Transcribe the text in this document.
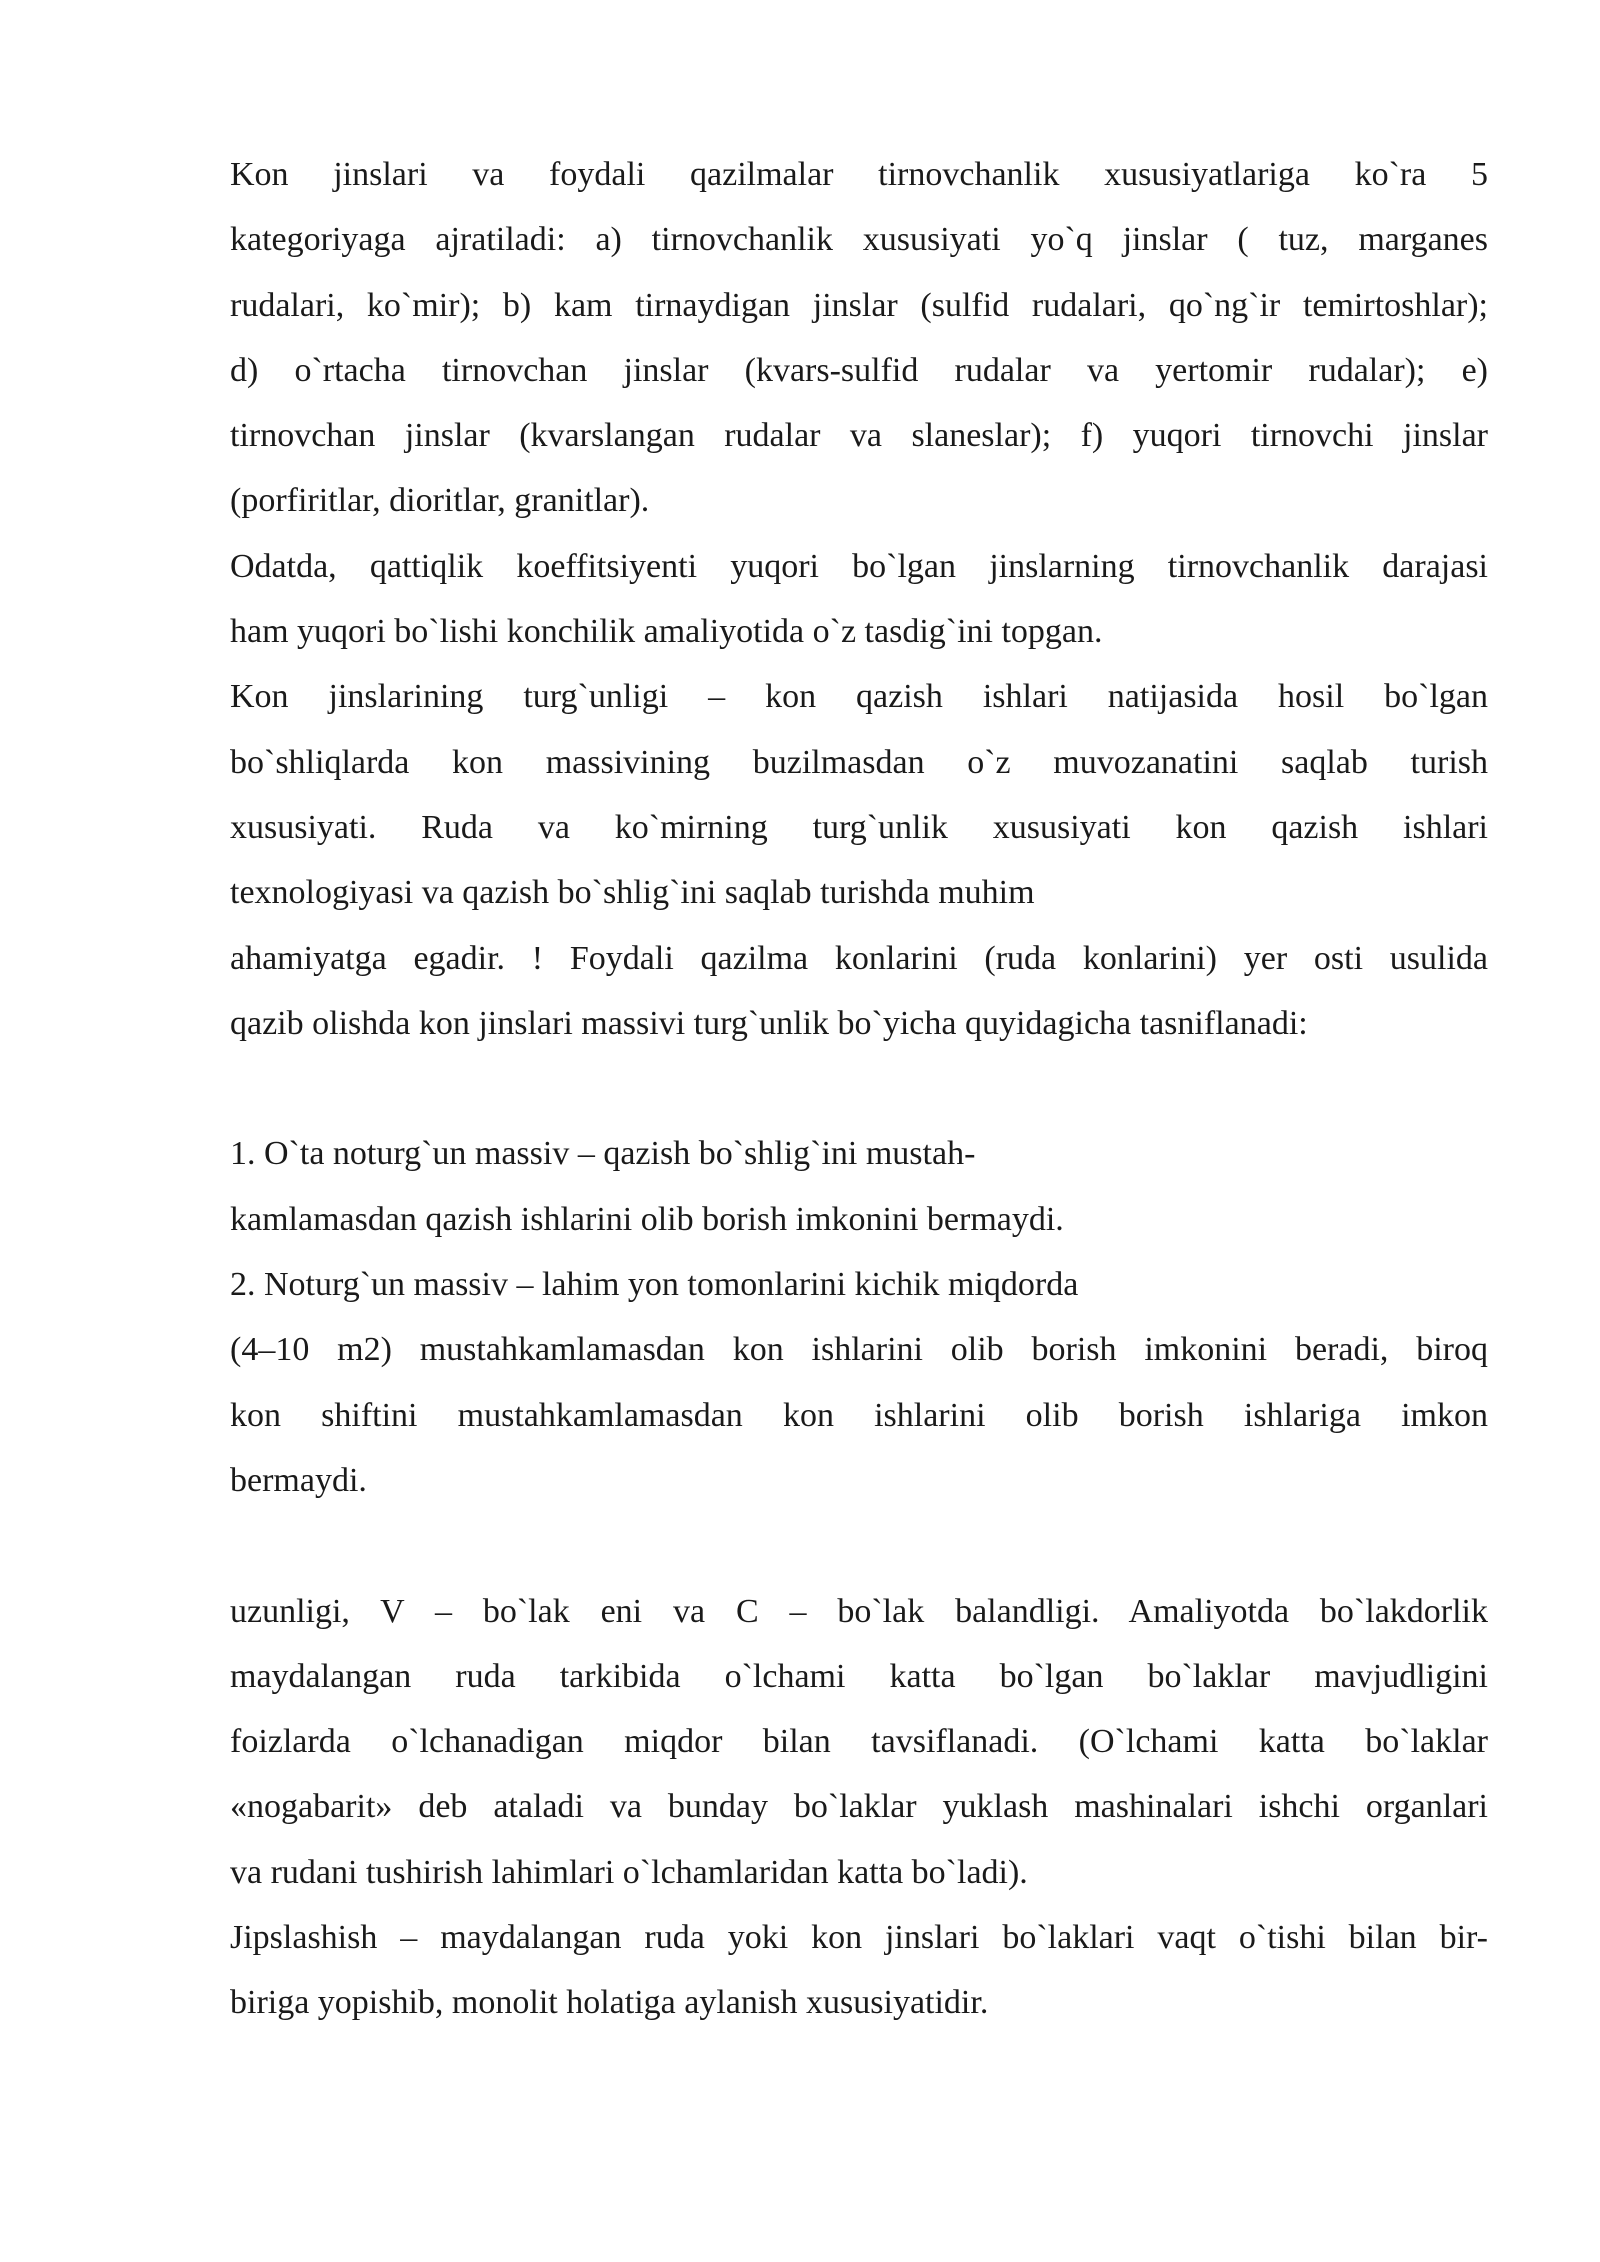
Kon jinslari va foydali qazilmalar tirnovchanlik xususiyatlariga ko`ra 5

kategoriyaga ajratiladi: a) tirnovchanlik xususiyati yo`q jinslar ( tuz, marganes

rudalari, ko`mir); b) kam tirnaydigan jinslar (sulfid rudalari, qo`ng`ir temirtoshlar);

d) o`rtacha tirnovchan jinslar (kvars-sulfid rudalar va yertomir rudalar); e)

tirnovchan jinslar (kvarslangan rudalar va slaneslar); f) yuqori tirnovchi jinslar

(porfiritlar, dioritlar, granitlar).

Odatda, qattiqlik koeffitsiyenti yuqori bo`lgan jinslarning tirnovchanlik darajasi

ham yuqori bo`lishi konchilik amaliyotida o`z tasdig`ini topgan.

Kon jinslarining turg`unligi – kon qazish ishlari natijasida hosil bo`lgan

bo`shliqlarda kon massivining buzilmasdan o`z muvozanatini saqlab turish

xususiyati. Ruda va ko`mirning turg`unlik xususiyati kon qazish ishlari

texnologiyasi va qazish bo`shlig`ini saqlab turishda muhim

ahamiyatga egadir. ! Foydali qazilma konlarini (ruda konlarini) yer osti usulida

qazib olishda kon jinslari massivi turg`unlik bo`yicha quyidagicha tasniflanadi:

1. O`ta noturg`un massiv – qazish bo`shlig`ini mustah-

kamlamasdan qazish ishlarini olib borish imkonini bermaydi.

2. Noturg`un massiv – lahim yon tomonlarini kichik miqdorda

(4–10 m2) mustahkamlamasdan kon ishlarini olib borish imkonini beradi, biroq

kon shiftini mustahkamlamasdan kon ishlarini olib borish ishlariga imkon

bermaydi.

uzunligi, V – bo`lak eni va C – bo`lak balandligi. Amaliyotda bo`lakdorlik

maydalangan ruda tarkibida o`lchami katta bo`lgan bo`laklar mavjudligini

foizlarda o`lchanadigan miqdor bilan tavsiflanadi. (O`lchami katta bo`laklar

«nogabarit» deb ataladi va bunday bo`laklar yuklash mashinalari ishchi organlari

va rudani tushirish lahimlari o`lchamlaridan katta bo`ladi).

Jipslashish – maydalangan ruda yoki kon jinslari bo`laklari vaqt o`tishi bilan bir-

biriga yopishib, monolit holatiga aylanish xususiyatidir.
